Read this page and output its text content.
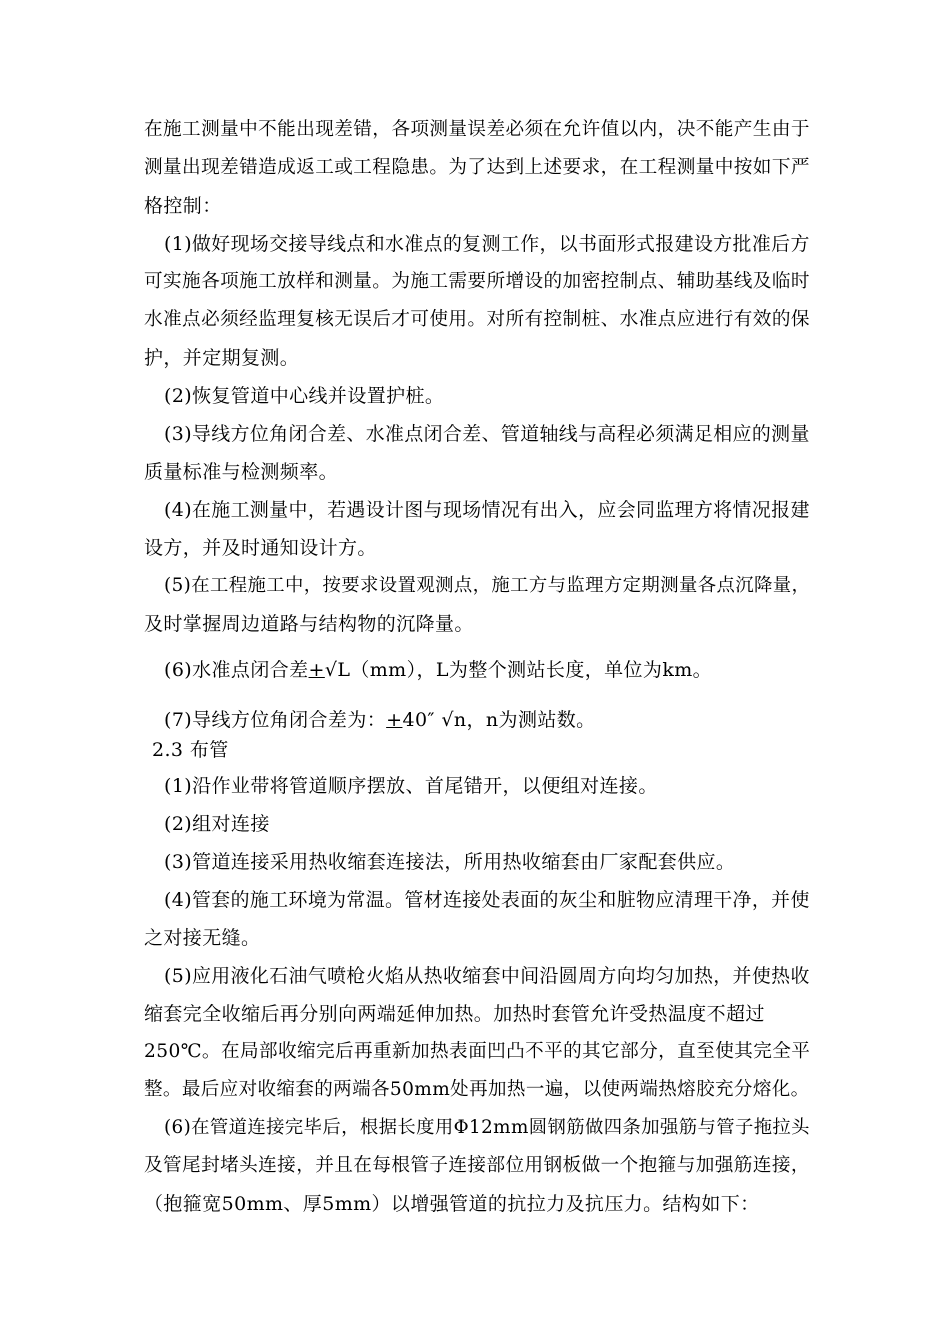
在施工测量中不能出现差错，各项测量误差必须在允许值以内，决不能产生由于
测量出现差错造成返工或工程隐患。为了达到上述要求，在工程测量中按如下严
格控制：
(1)做好现场交接导线点和水准点的复测工作，以书面形式报建设方批准后方
可实施各项施工放样和测量。为施工需要所增设的加密控制点、辅助基线及临时
水准点必须经监理复核无误后才可使用。对所有控制桩、水准点应进行有效的保
护，并定期复测。
(2)恢复管道中心线并设置护桩。
(3)导线方位角闭合差、水准点闭合差、管道轴线与高程必须满足相应的测量
质量标准与检测频率。
(4)在施工测量中，若遇设计图与现场情况有出入，应会同监理方将情况报建
设方，并及时通知设计方。
(5)在工程施工中，按要求设置观测点，施工方与监理方定期测量各点沉降量，
及时掌握周边道路与结构物的沉降量。
(6)水准点闭合差+√L（mm），L为整个测站长度，单位为km。
(7)导线方位角闭合差为：+40″ √n，n为测站数。
2.3 布管
(1)沿作业带将管道顺序摆放、首尾错开，以便组对连接。
(2)组对连接
(3)管道连接采用热收缩套连接法，所用热收缩套由厂家配套供应。
(4)管套的施工环境为常温。管材连接处表面的灰尘和脏物应清理干净，并使
之对接无缝。
(5)应用液化石油气喷枪火焰从热收缩套中间沿圆周方向均匀加热，并使热收
缩套完全收缩后再分别向两端延伸加热。加热时套管允许受热温度不超过
250℃。在局部收缩完后再重新加热表面凹凸不平的其它部分，直至使其完全平
整。最后应对收缩套的两端各50mm处再加热一遍，以使两端热熔胶充分熔化。
(6)在管道连接完毕后，根据长度用Φ12mm圆钢筋做四条加强筋与管子拖拉头
及管尾封堵头连接，并且在每根管子连接部位用钢板做一个抱箍与加强筋连接，
（抱箍宽50mm、厚5mm）以增强管道的抗拉力及抗压力。结构如下：
